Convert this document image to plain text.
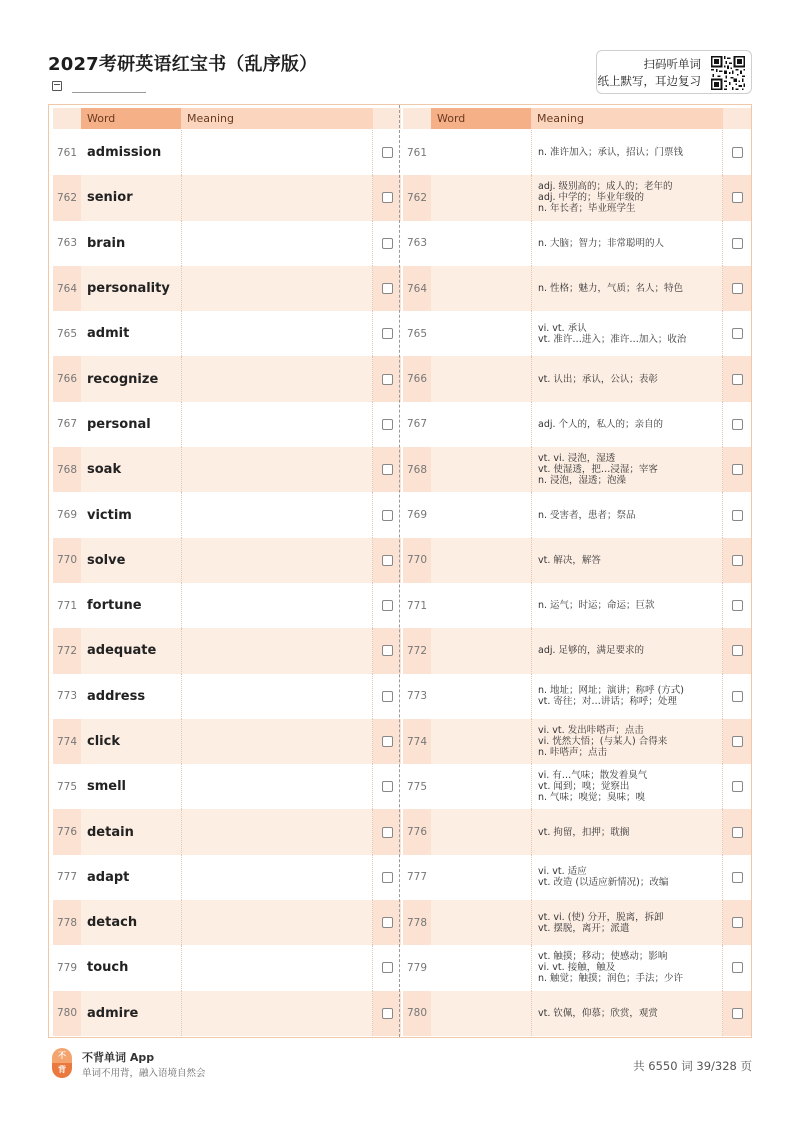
2027考研英语红宝书（乱序版）	扫码听单词
纸上默写，耳边复习
Word	Meaning
761 admission
762 senior
763 brain
764 personality
765 admit
766 recognize
767 personal
768 soak
769 victim
770 solve
771 fortune
772 adequate
773 address
774 click
775 smell
776 detain
777 adapt
778 detach
779 touch
780 admire
Word	Meaning
761	n. 准许加入；承认，招认；门票钱
762
adj. 级别高的；成人的；老年的
adj. 中学的；毕业年级的
n. 年长者；毕业班学生
763	n. 大脑；智力；非常聪明的人
764	n. 性格；魅力，气质；名人；特色
765	vi. vt. 承认
vt. 准许…进入；准许…加入；收治
766	vt. 认出；承认，公认；表彰
767	adj. 个人的，私人的；亲自的
768
vt. vi. 浸泡，湿透
vt. 使湿透，把…浸湿；宰客
n. 浸泡，湿透；泡澡
769	n. 受害者，患者；祭品
770	vt. 解决，解答
771	n. 运气；时运；命运；巨款
772	adj. 足够的，满足要求的
773	n. 地址；网址；演讲；称呼 (方式)
vt. 寄往；对…讲话；称呼；处理
774
vi. vt. 发出咔嗒声；点击
vi. 恍然大悟；(与某人) 合得来
n. 咔嗒声；点击
775
vi. 有…气味；散发着臭气
vt. 闻到；嗅；觉察出
n. 气味；嗅觉；臭味；嗅
776	vt. 拘留，扣押；耽搁
777	vi. vt. 适应
vt. 改造 (以适应新情况)；改编
778	vt. vi. (使) 分开，脱离，拆卸
vt. 摆脱，离开；派遣
779
vt. 触摸；移动；使感动；影响
vi. vt. 接触，触及
n. 触觉；触摸；润色；手法；少许
780	vt. 钦佩，仰慕；欣赏，观赏
不
背
不背单词 App
单词不用背，融入语境自然会
共 6550 词 39/328 页
